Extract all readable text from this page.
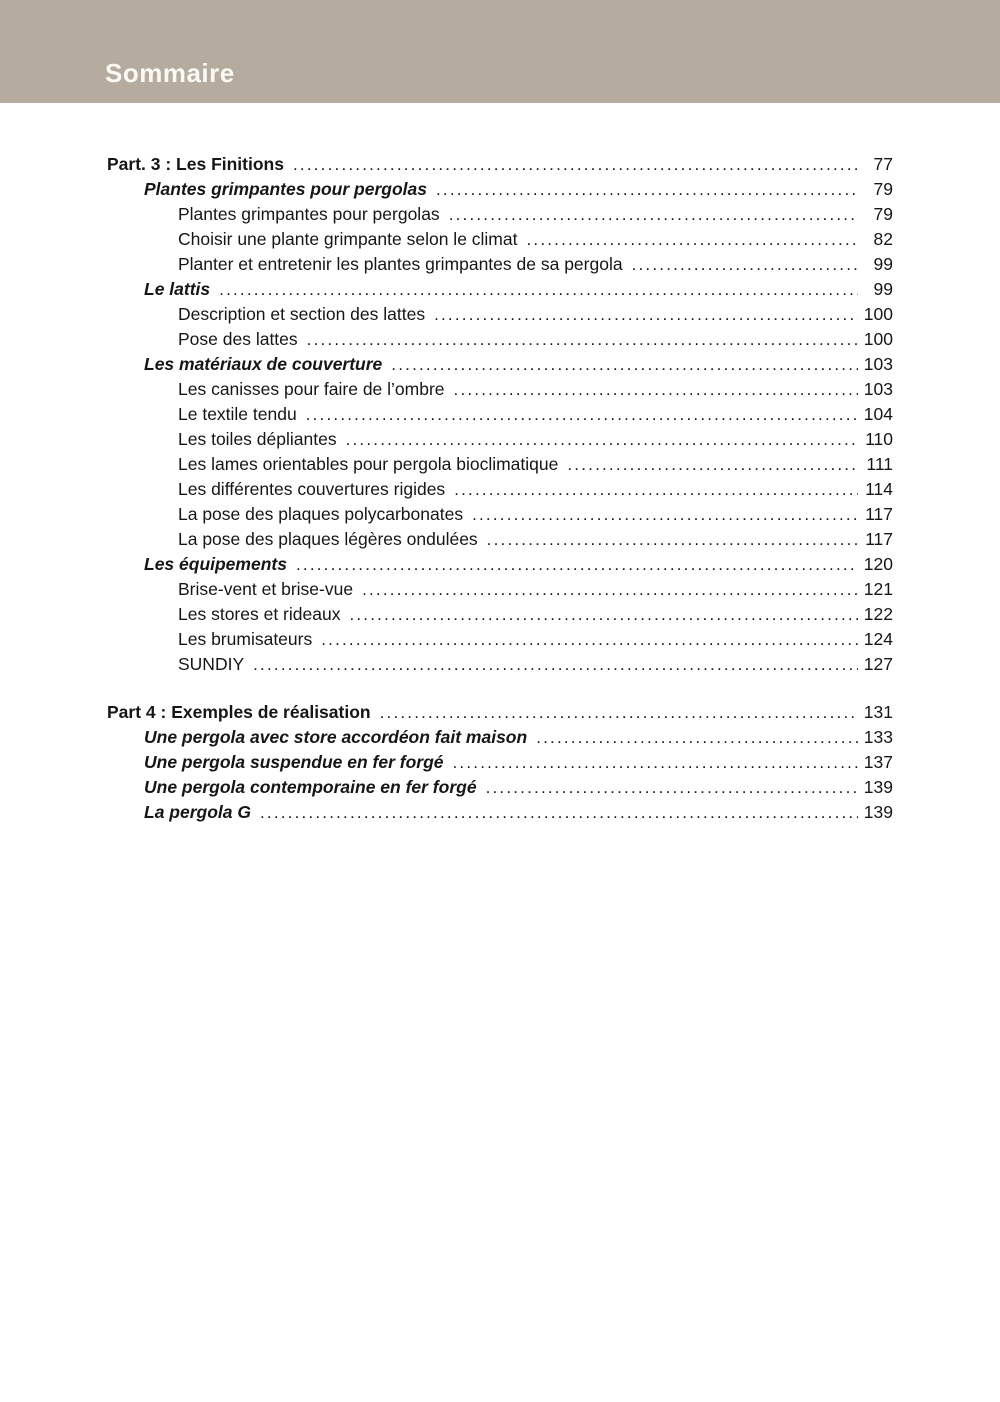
Sommaire
Part. 3 : Les Finitions .....	77
Plantes grimpantes pour pergolas .....	79
Plantes grimpantes pour pergolas .....	79
Choisir une plante grimpante selon le climat .....	82
Planter et entretenir les plantes grimpantes de sa pergola .....	99
Le lattis .....	99
Description et section des lattes .....	100
Pose des lattes .....	100
Les matériaux de couverture .....	103
Les canisses pour faire de l’ombre .....	103
Le textile tendu .....	104
Les toiles dépliantes .....	110
Les lames orientables pour pergola bioclimatique .....	111
Les différentes couvertures rigides .....	114
La pose des plaques polycarbonates .....	117
La pose des plaques légères ondulées .....	117
Les équipements .....	120
Brise-vent et brise-vue .....	121
Les stores et rideaux .....	122
Les brumisateurs .....	124
SUNDIY .....	127
Part 4 : Exemples de réalisation .....	131
Une pergola avec store accordéon fait maison .....	133
Une pergola suspendue en fer forgé .....	137
Une pergola contemporaine en fer forgé .....	139
La pergola G .....	139
